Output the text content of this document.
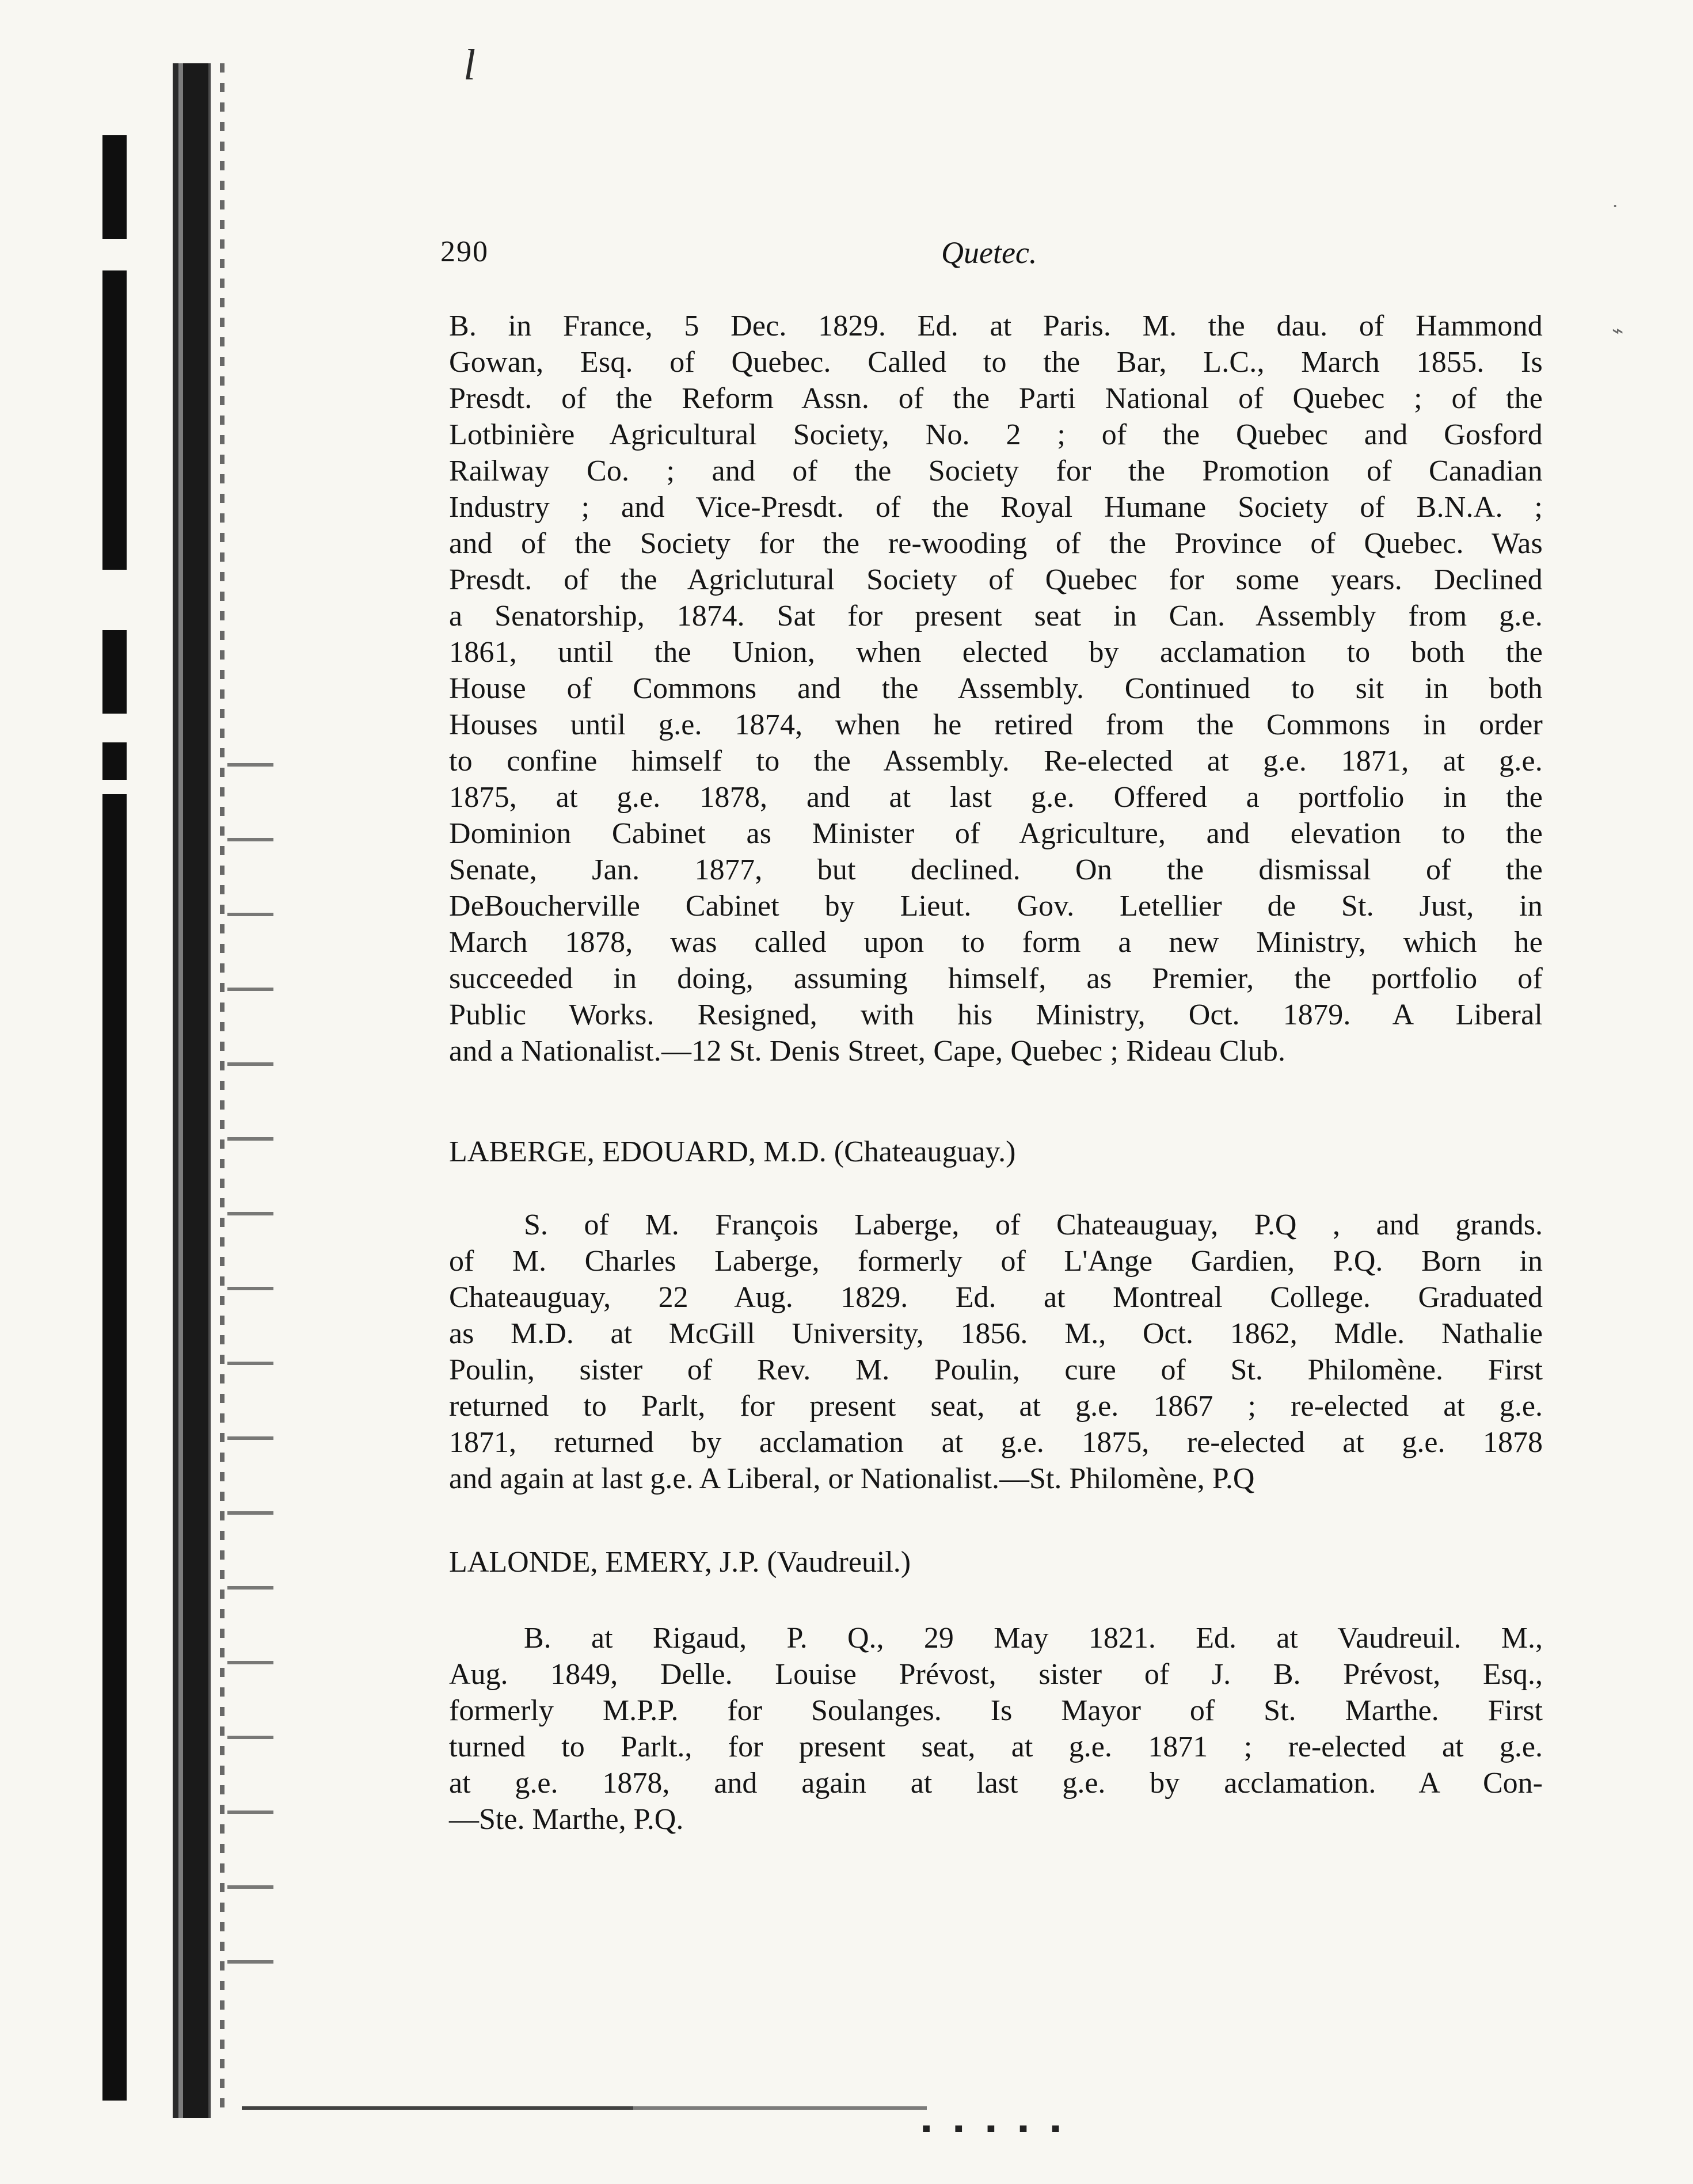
▪ ▪ ▪ ▪ ▪
l
290	Quetec.
B. in France, 5 Dec. 1829. Ed. at Paris. M. the dau. of Hammond
Gowan, Esq. of Quebec. Called to the Bar, L.C., March 1855. Is
Presdt. of the Reform Assn. of the Parti National of Quebec ; of the
Lotbinière Agricultural Society, No. 2 ; of the Quebec and Gosford
Railway Co. ; and of the Society for the Promotion of Canadian
Industry ; and Vice-Presdt. of the Royal Humane Society of B.N.A. ;
and of the Society for the re-wooding of the Province of Quebec. Was
Presdt. of the Agriclutural Society of Quebec for some years. Declined
a Senatorship, 1874. Sat for present seat in Can. Assembly from g.e.
1861, until the Union, when elected by acclamation to both the
House of Commons and the Assembly. Continued to sit in both
Houses until g.e. 1874, when he retired from the Commons in order
to confine himself to the Assembly. Re-elected at g.e. 1871, at g.e.
1875, at g.e. 1878, and at last g.e. Offered a portfolio in the
Dominion Cabinet as Minister of Agriculture, and elevation to the
Senate, Jan. 1877, but declined. On the dismissal of the
DeBoucherville Cabinet by Lieut. Gov. Letellier de St. Just, in
March 1878, was called upon to form a new Ministry, which he
succeeded in doing, assuming himself, as Premier, the portfolio of
Public Works. Resigned, with his Ministry, Oct. 1879. A Liberal
and a Nationalist.—12 St. Denis Street, Cape, Quebec ; Rideau Club.
LABERGE, EDOUARD, M.D. (Chateauguay.)
S. of M. François Laberge, of Chateauguay, P.Q , and grands.
of M. Charles Laberge, formerly of L'Ange Gardien, P.Q. Born in
Chateauguay, 22 Aug. 1829. Ed. at Montreal College. Graduated
as M.D. at McGill University, 1856. M., Oct. 1862, Mdle. Nathalie
Poulin, sister of Rev. M. Poulin, cure of St. Philomène. First
returned to Parlt, for present seat, at g.e. 1867 ; re-elected at g.e.
1871, returned by acclamation at g.e. 1875, re-elected at g.e. 1878
and again at last g.e. A Liberal, or Nationalist.—St. Philomène, P.Q
LALONDE, EMERY, J.P. (Vaudreuil.)
B. at Rigaud, P. Q., 29 May 1821. Ed. at Vaudreuil. M.,
Aug. 1849, Delle. Louise Prévost, sister of J. B. Prévost, Esq.,
formerly M.P.P. for Soulanges. Is Mayor of St. Marthe. First
turned to Parlt., for present seat, at g.e. 1871 ; re-elected at g.e.
at g.e. 1878, and again at last g.e. by acclamation. A Con-
—Ste. Marthe, P.Q.
⌁
·
